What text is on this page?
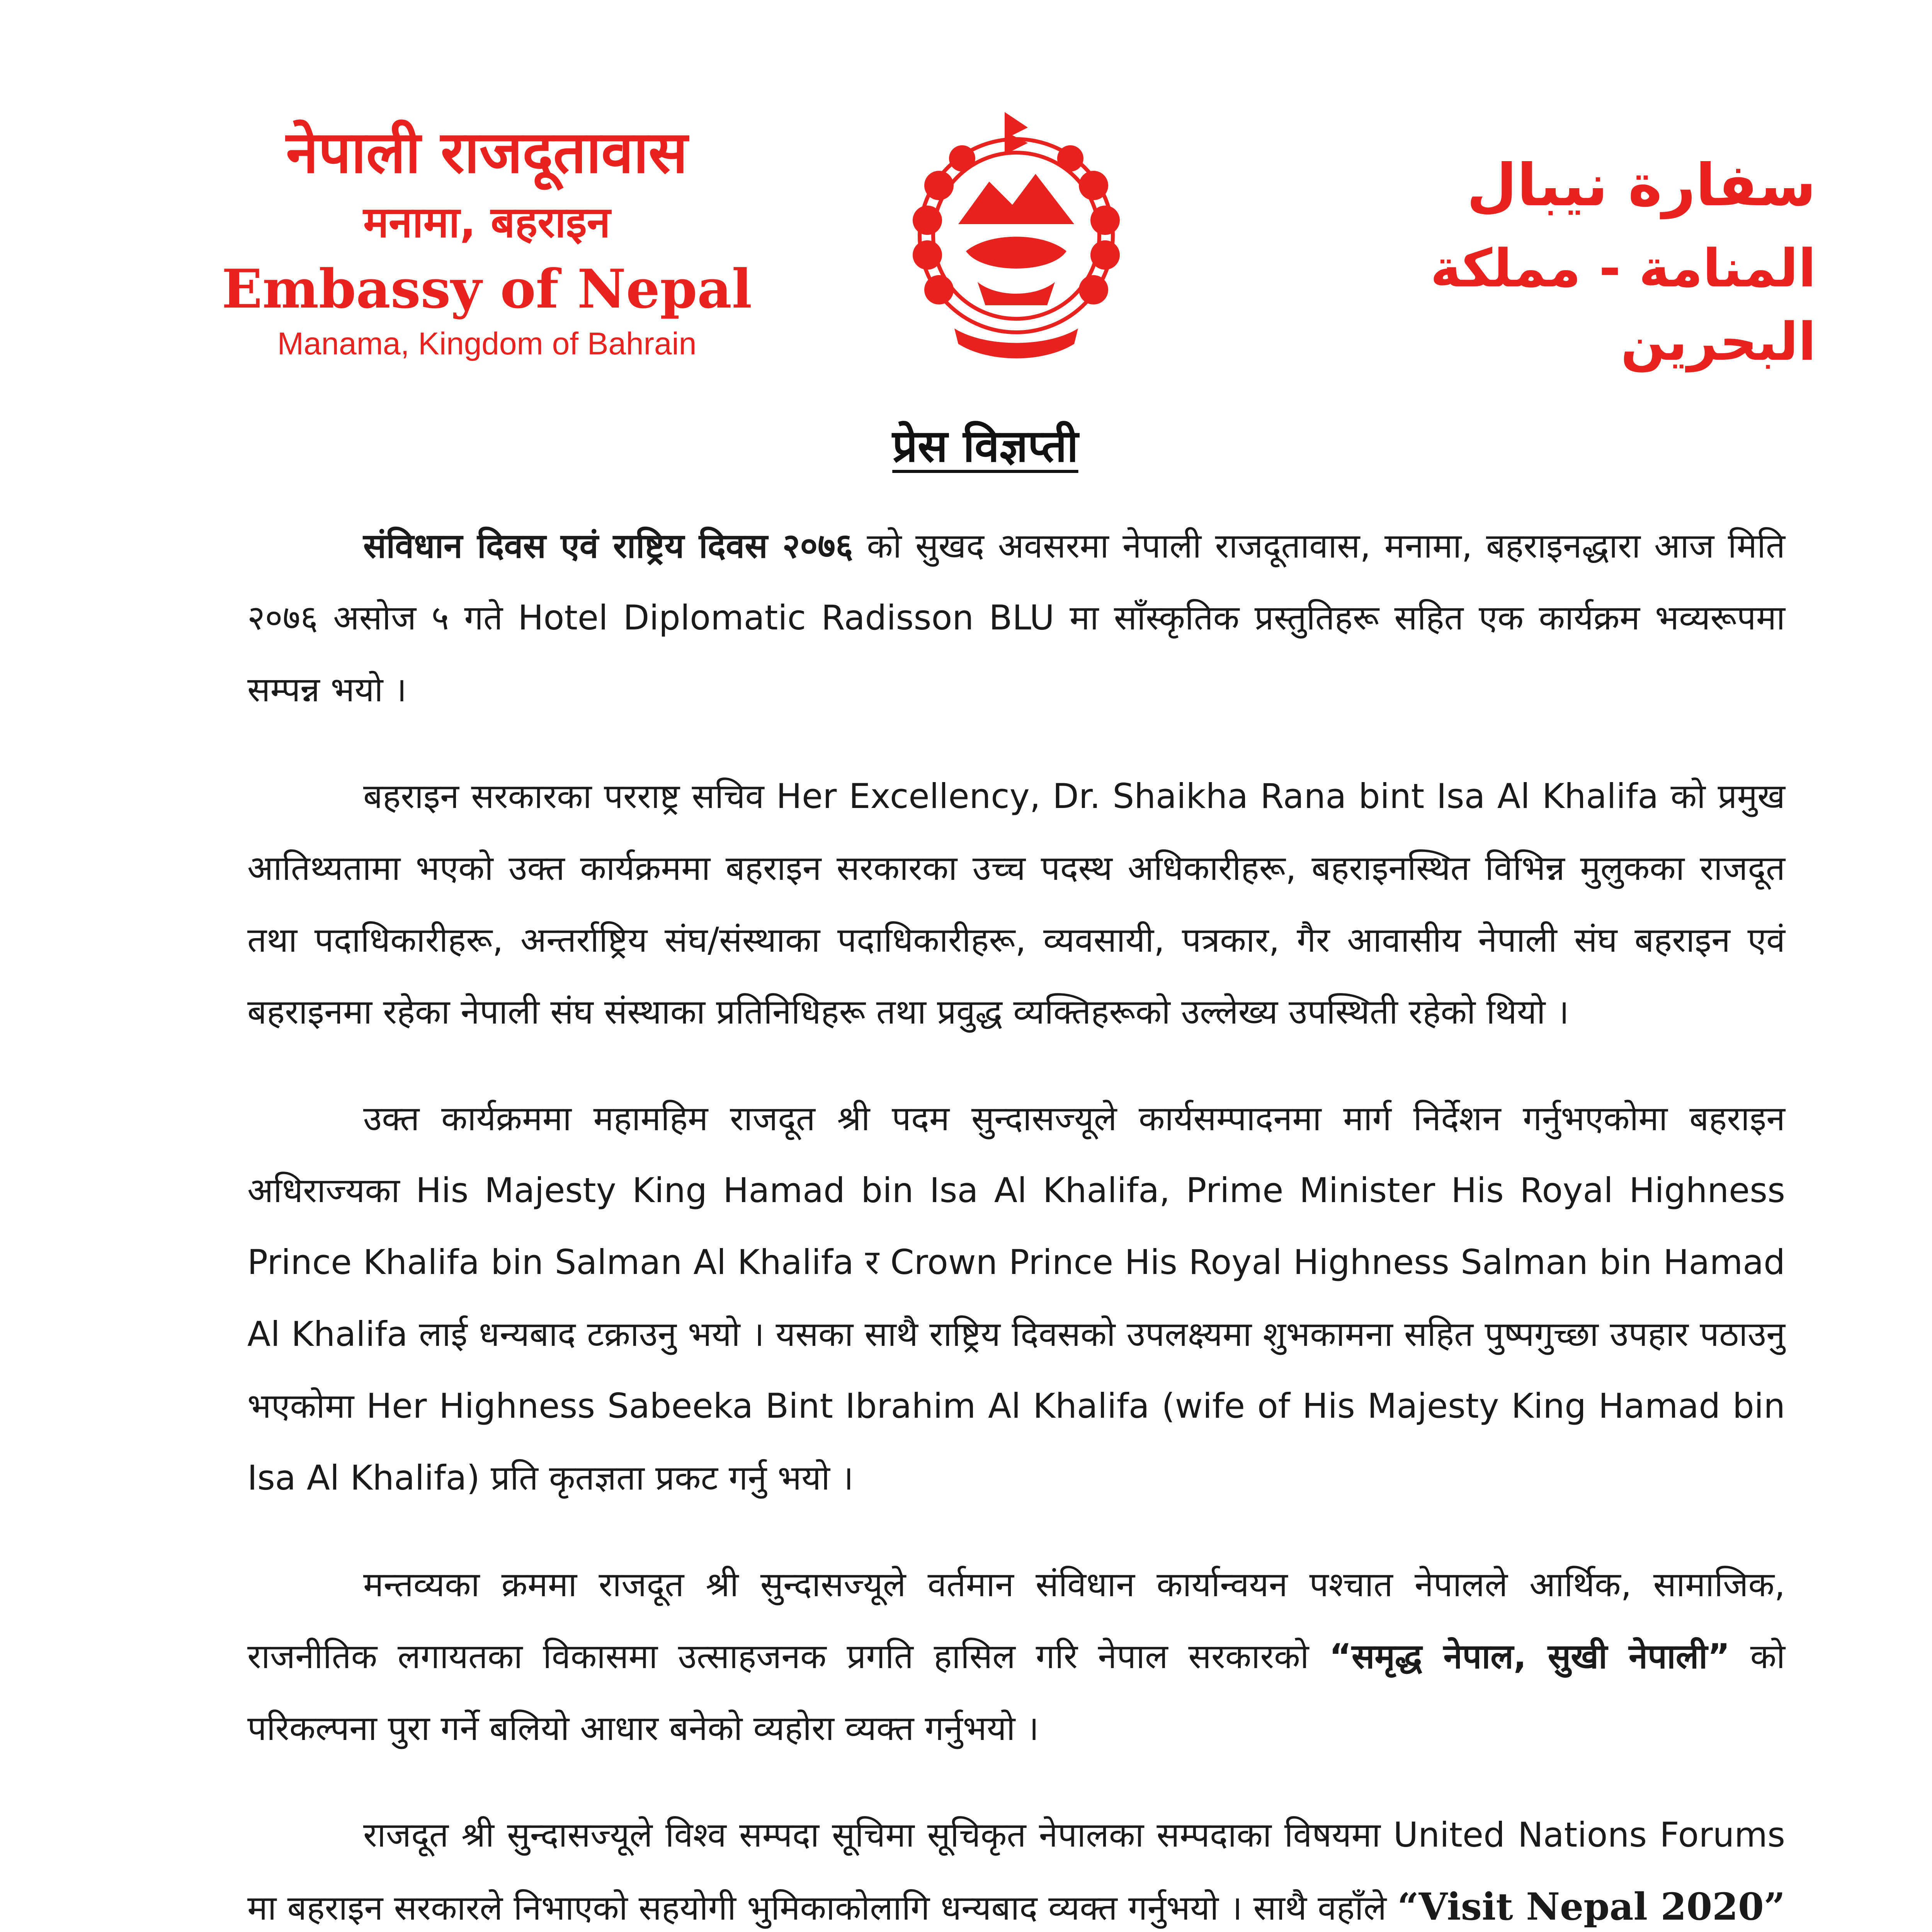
नेपाली राजदूतावास
मनामा, बहराइन
Embassy of Nepal
Manama, Kingdom of Bahrain
سفارة نيبال
المنامة - مملكة البحرين
प्रेस विज्ञप्ती

संविधान दिवस एवं राष्ट्रिय दिवस २०७६ को सुखद अवसरमा नेपाली राजदूतावास, मनामा, बहराइनद्धारा आज मिति २०७६ असोज ५ गते Hotel Diplomatic Radisson BLU मा साँस्कृतिक प्रस्तुतिहरू सहित एक कार्यक्रम भव्यरूपमा सम्पन्न भयो ।

बहराइन सरकारका परराष्ट्र सचिव Her Excellency, Dr. Shaikha Rana bint Isa Al Khalifa को प्रमुख आतिथ्यतामा भएको उक्त कार्यक्रममा बहराइन सरकारका उच्च पदस्थ अधिकारीहरू, बहराइनस्थित विभिन्न मुलुकका राजदूत तथा पदाधिकारीहरू, अन्तर्राष्ट्रिय संघ/संस्थाका पदाधिकारीहरू, व्यवसायी, पत्रकार, गैर आवासीय नेपाली संघ बहराइन एवं बहराइनमा रहेका नेपाली संघ संस्थाका प्रतिनिधिहरू तथा प्रवुद्ध व्यक्तिहरूको उल्लेख्य उपस्थिती रहेको थियो ।

उक्त कार्यक्रममा महामहिम राजदूत श्री पदम सुन्दासज्यूले कार्यसम्पादनमा मार्ग निर्देशन गर्नुभएकोमा बहराइन अधिराज्यका His Majesty King Hamad bin Isa Al Khalifa, Prime Minister His Royal Highness Prince Khalifa bin Salman Al Khalifa र Crown Prince His Royal Highness Salman bin Hamad Al Khalifa लाई धन्यबाद टक्राउनु भयो । यसका साथै राष्ट्रिय दिवसको उपलक्ष्यमा शुभकामना सहित पुष्पगुच्छा उपहार पठाउनु भएकोमा Her Highness Sabeeka Bint Ibrahim Al Khalifa (wife of His Majesty King Hamad bin Isa Al Khalifa) प्रति कृतज्ञता प्रकट गर्नु भयो ।

मन्तव्यका क्रममा राजदूत श्री सुन्दासज्यूले वर्तमान संविधान कार्यान्वयन पश्चात नेपालले आर्थिक, सामाजिक, राजनीतिक लगायतका विकासमा उत्साहजनक प्रगति हासिल गरि नेपाल सरकारको “समृद्ध नेपाल, सुखी नेपाली” को परिकल्पना पुरा गर्ने बलियो आधार बनेको व्यहोरा व्यक्त गर्नुभयो ।

राजदूत श्री सुन्दासज्यूले विश्व सम्पदा सूचिमा सूचिकृत नेपालका सम्पदाका विषयमा United Nations Forums मा बहराइन सरकारले निभाएको सहयोगी भुमिकाकोलागि धन्यबाद व्यक्त गर्नुभयो । साथै वहाँले “Visit Nepal 2020”
